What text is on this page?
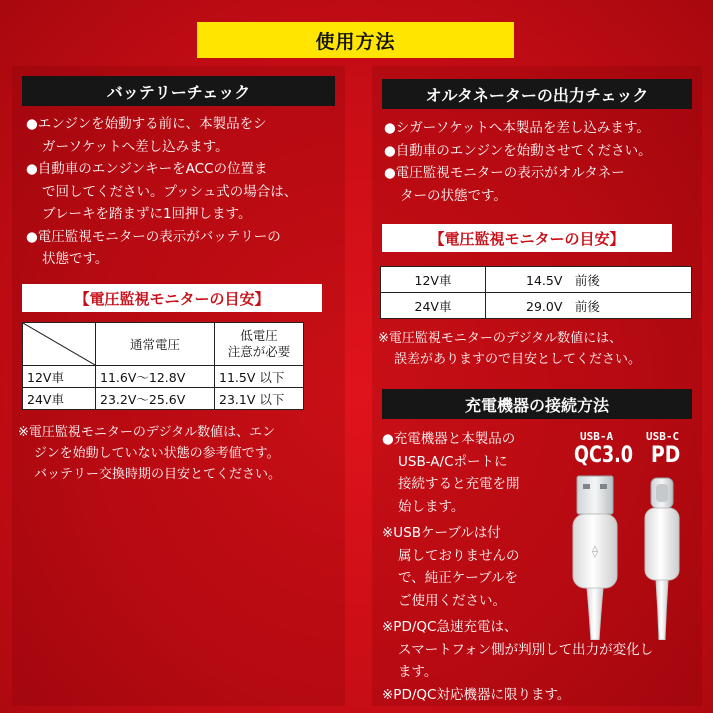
使用方法
バッテリーチェック

●エンジンを始動する前に、本製品をシ
ガーソケットへ差し込みます。

●自動車のエンジンキーをACCの位置ま
で回してください。プッシュ式の場合は、
ブレーキを踏まずに1回押します。

●電圧監視モニターの表示がバッテリーの
状態です。

【電圧監視モニターの目安】
	通常電圧	低電圧
注意が必要
12V車	11.6V～12.8V	11.5V 以下
24V車	23.2V～25.6V	23.1V 以下

※電圧監視モニターのデジタル数値は、エン

ジンを始動していない状態の参考値です。

バッテリー交換時期の目安とてください。

オルタネーターの出力チェック

●シガーソケットへ本製品を差し込みます。

●自動車のエンジンを始動させてください。

●電圧監視モニターの表示がオルタネー
ターの状態です。

【電圧監視モニターの目安】
12V車	14.5V　前後
24V車	29.0V　前後

※電圧監視モニターのデジタル数値には、

誤差がありますので目安としてください。

充電機器の接続方法

●充電機器と本製品の

USB-A/Cポートに

接続すると充電を開

始します。

※USBケーブルは付

属しておりませんの

で、純正ケーブルを

ご使用ください。

※PD/QC急速充電は、

スマートフォン側が判別して出力が変化し

ます。

※PD/QC対応機器に限ります。
USB-A
QC3.0
USB-C
PD
⟠
